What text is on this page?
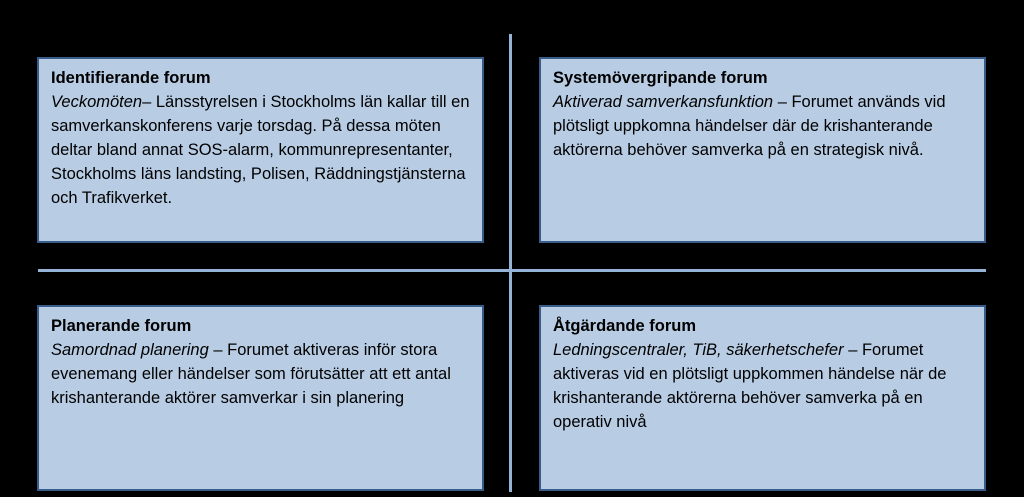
Identifierande forum
Veckomöten– Länsstyrelsen i Stockholms län kallar till en samverkanskonferens varje torsdag. På dessa möten deltar bland annat SOS-alarm, kommunrepresentanter, Stockholms läns landsting, Polisen, Räddningstjänsterna och Trafikverket.
Systemövergripande forum
Aktiverad samverkansfunktion – Forumet används vid plötsligt uppkomna händelser där de krishanterande aktörerna behöver samverka på en strategisk nivå.
Planerande forum
Samordnad planering – Forumet aktiveras inför stora evenemang eller händelser som förutsätter att ett antal krishanterande aktörer samverkar i sin planering
Åtgärdande forum
Ledningscentraler, TiB, säkerhetschefer – Forumet aktiveras vid en plötsligt uppkommen händelse när de krishanterande aktörerna behöver samverka på en operativ nivå
